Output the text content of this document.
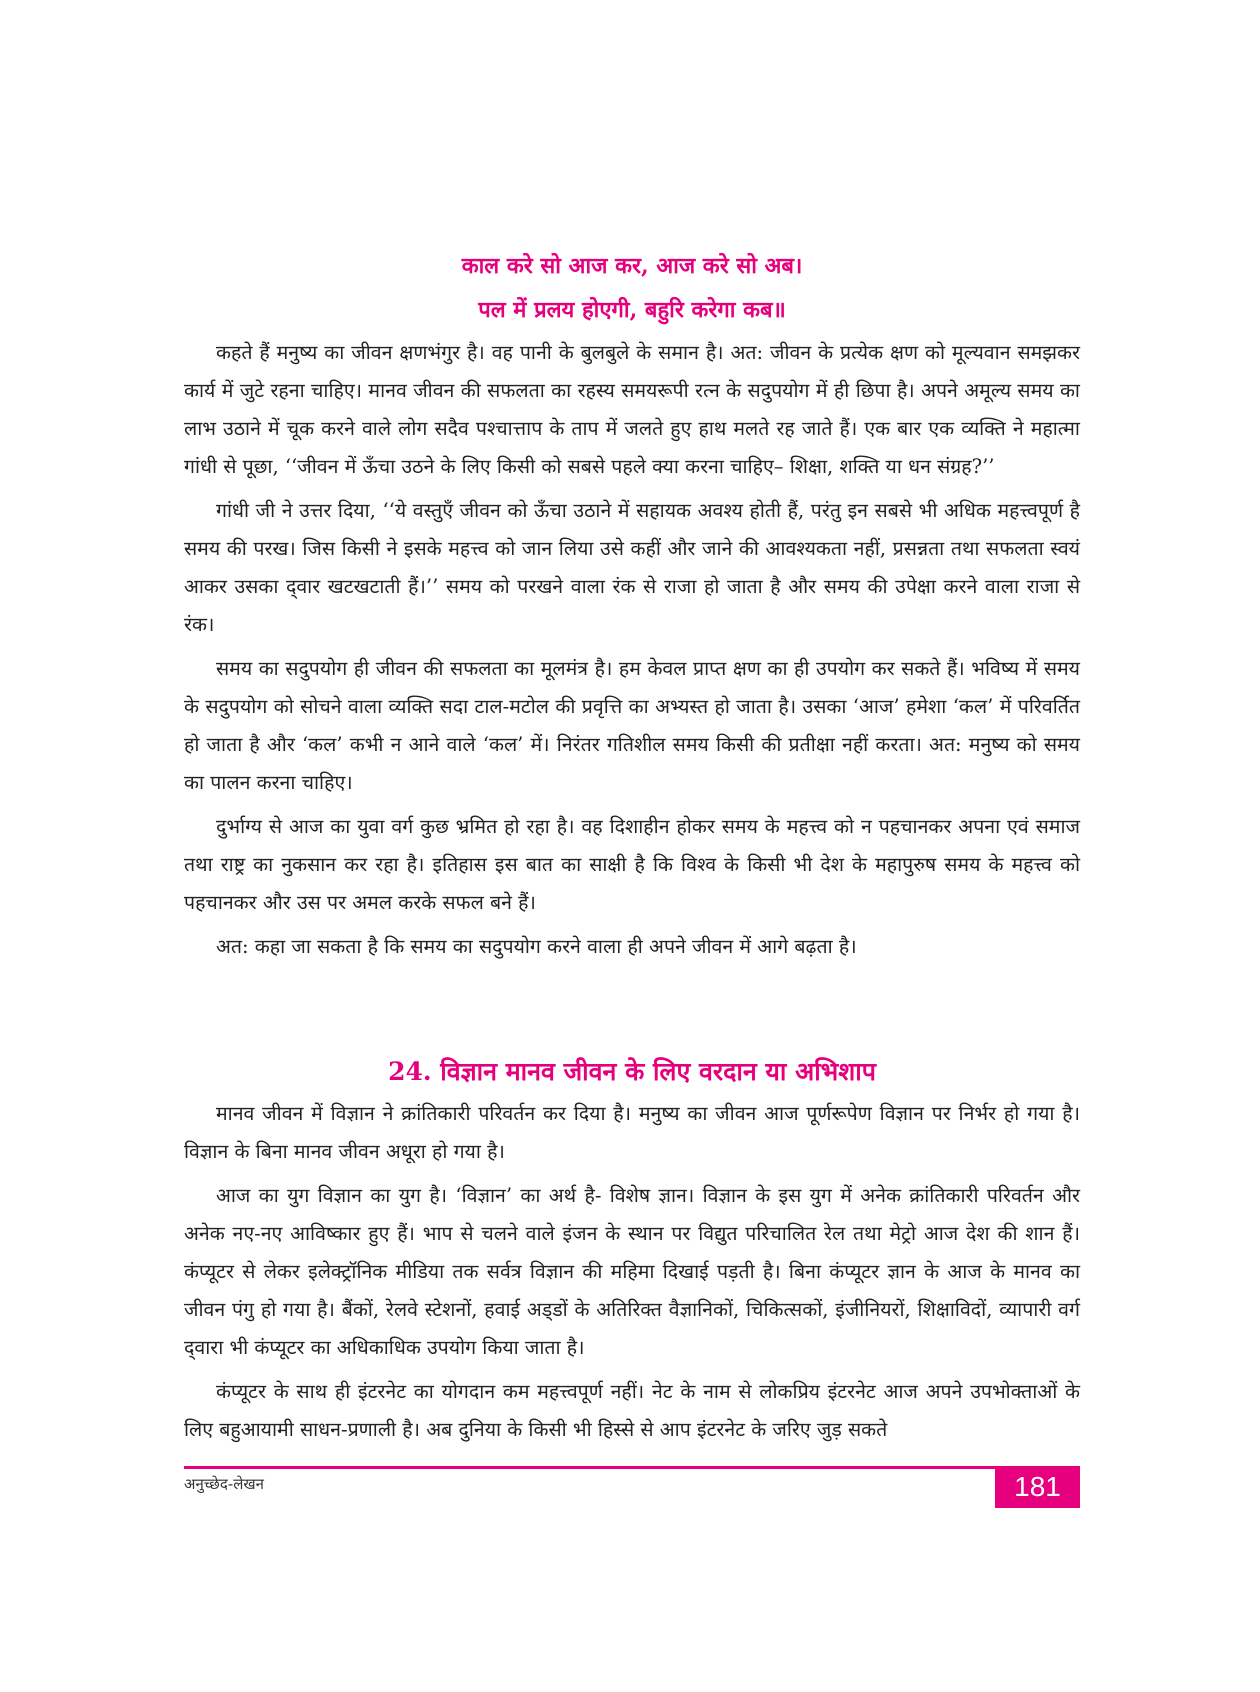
काल करे सो आज कर, आज करे सो अब।
पल में प्रलय होएगी, बहुरि करेगा कब॥

कहते हैं मनुष्य का जीवन क्षणभंगुर है। वह पानी के बुलबुले के समान है। अत: जीवन के प्रत्येक क्षण को मूल्यवान समझकर कार्य में जुटे रहना चाहिए। मानव जीवन की सफलता का रहस्य समयरूपी रत्न के सदुपयोग में ही छिपा है। अपने अमूल्य समय का लाभ उठाने में चूक करने वाले लोग सदैव पश्चात्ताप के ताप में जलते हुए हाथ मलते रह जाते हैं। एक बार एक व्यक्ति ने महात्मा गांधी से पूछा, ‘‘जीवन में ऊँचा उठने के लिए किसी को सबसे पहले क्या करना चाहिए– शिक्षा, शक्ति या धन संग्रह?’’

गांधी जी ने उत्तर दिया, ‘‘ये वस्तुएँ जीवन को ऊँचा उठाने में सहायक अवश्य होती हैं, परंतु इन सबसे भी अधिक महत्त्वपूर्ण है समय की परख। जिस किसी ने इसके महत्त्व को जान लिया उसे कहीं और जाने की आवश्यकता नहीं, प्रसन्नता तथा सफलता स्वयं आकर उसका द्‌वार खटखटाती हैं।’’ समय को परखने वाला रंक से राजा हो जाता है और समय की उपेक्षा करने वाला राजा से रंक।

समय का सदुपयोग ही जीवन की सफलता का मूलमंत्र है। हम केवल प्राप्त क्षण का ही उपयोग कर सकते हैं। भविष्य में समय के सदुपयोग को सोचने वाला व्यक्ति सदा टाल-मटोल की प्रवृत्ति का अभ्यस्त हो जाता है। उसका ‘आज’ हमेशा ‘कल’ में परिवर्तित हो जाता है और ‘कल’ कभी न आने वाले ‘कल’ में। निरंतर गतिशील समय किसी की प्रतीक्षा नहीं करता। अत: मनुष्य को समय का पालन करना चाहिए।

दुर्भाग्य से आज का युवा वर्ग कुछ भ्रमित हो रहा है। वह दिशाहीन होकर समय के महत्त्व को न पहचानकर अपना एवं समाज तथा राष्ट्र का नुकसान कर रहा है। इतिहास इस बात का साक्षी है कि विश्व के किसी भी देश के महापुरुष समय के महत्त्व को पहचानकर और उस पर अमल करके सफल बने हैं।

अत: कहा जा सकता है कि समय का सदुपयोग करने वाला ही अपने जीवन में आगे बढ़ता है।

24. विज्ञान मानव जीवन के लिए वरदान या अभिशाप

मानव जीवन में विज्ञान ने क्रांतिकारी परिवर्तन कर दिया है। मनुष्य का जीवन आज पूर्णरूपेण विज्ञान पर निर्भर हो गया है। विज्ञान के बिना मानव जीवन अधूरा हो गया है।

आज का युग विज्ञान का युग है। ‘विज्ञान’ का अर्थ है- विशेष ज्ञान। विज्ञान के इस युग में अनेक क्रांतिकारी परिवर्तन और अनेक नए-नए आविष्कार हुए हैं। भाप से चलने वाले इंजन के स्थान पर विद्युत परिचालित रेल तथा मेट्रो आज देश की शान हैं। कंप्यूटर से लेकर इलेक्ट्रॉनिक मीडिया तक सर्वत्र विज्ञान की महिमा दिखाई पड़ती है। बिना कंप्यूटर ज्ञान के आज के मानव का जीवन पंगु हो गया है। बैंकों, रेलवे स्टेशनों, हवाई अड्‌डों के अतिरिक्त वैज्ञानिकों, चिकित्सकों, इंजीनियरों, शिक्षाविदों, व्यापारी वर्ग द्‌वारा भी कंप्यूटर का अधिकाधिक उपयोग किया जाता है।

कंप्यूटर के साथ ही इंटरनेट का योगदान कम महत्त्वपूर्ण नहीं। नेट के नाम से लोकप्रिय इंटरनेट आज अपने उपभोक्ताओं के लिए बहुआयामी साधन-प्रणाली है। अब दुनिया के किसी भी हिस्से से आप इंटरनेट के जरिए जुड़ सकते

अनुच्छेद-लेखन	181
